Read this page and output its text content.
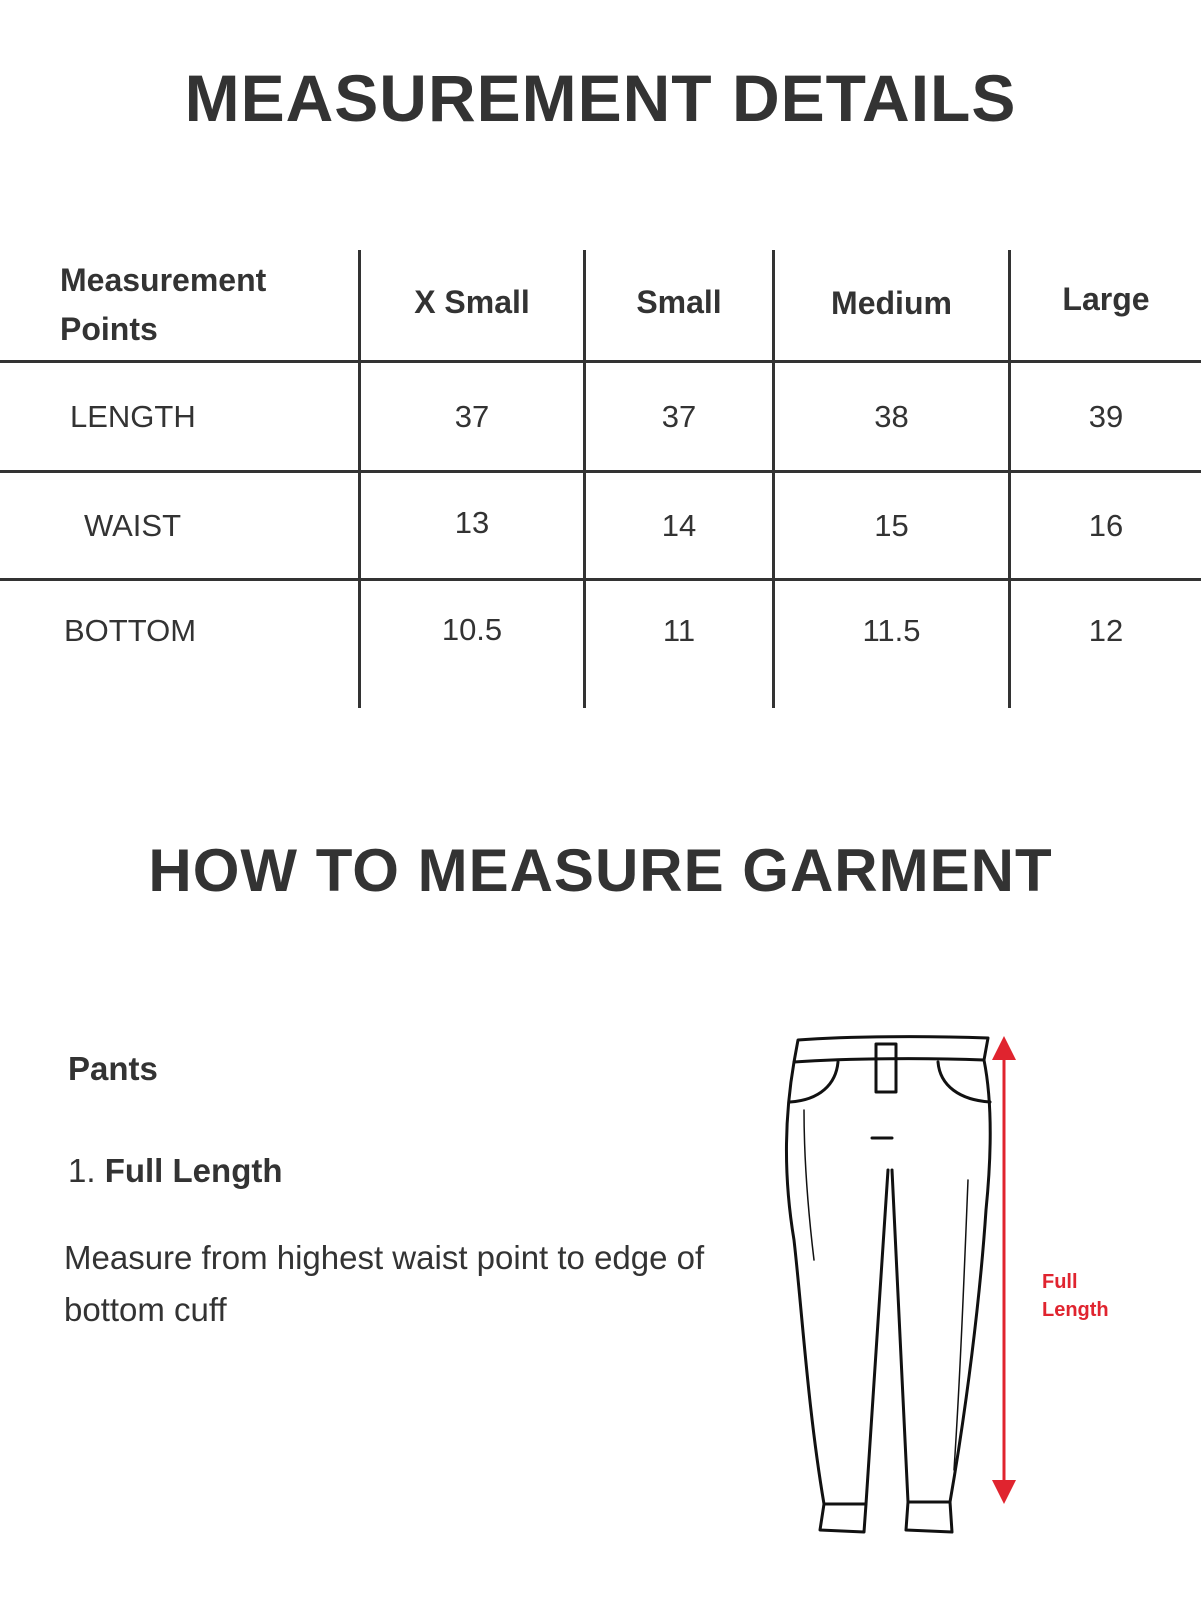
MEASUREMENT DETAILS
Measurement
Points
X Small	Small	Medium	Large
LENGTH	37	37	38	39
WAIST	13	14	15	16
BOTTOM	10.5	11	11.5	12
HOW TO MEASURE GARMENT
Pants
1. Full Length
Measure from highest waist point to edge of bottom cuff
Full
Length
